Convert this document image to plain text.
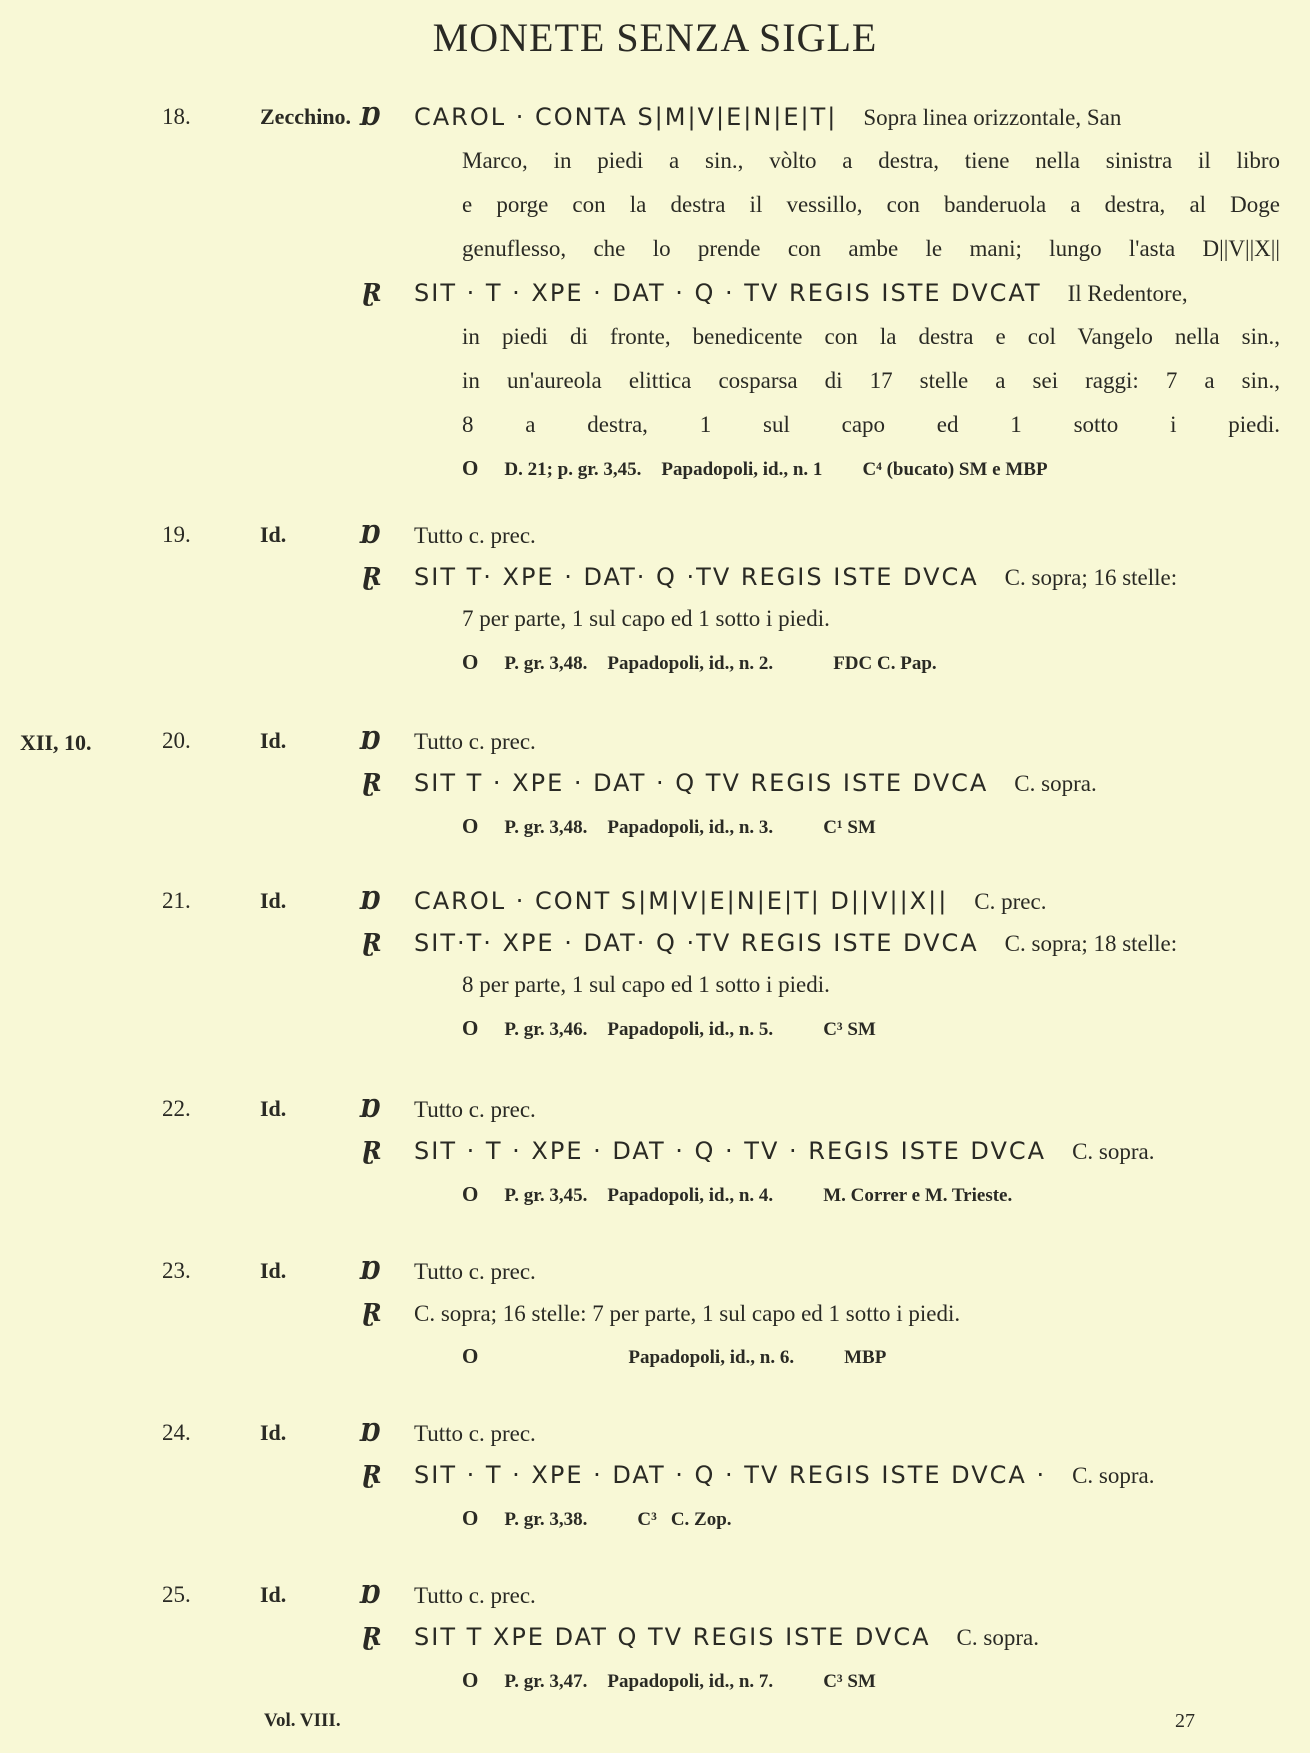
MONETE SENZA SIGLE
18.	Zecchino. Ɒ CAROL · CONTA S|M|V|E|N|E|T| Sopra linea orizzontale, San
Marco, in piedi a sin., vòlto a destra, tiene nella sinistra il libro
e porge con la destra il vessillo, con banderuola a destra, al Doge
genuflesso, che lo prende con ambe le mani; lungo l'asta D||V||X||
Ɽ SIT · T · XPE · DAT · Q · TV REGIS ISTE DVCAT Il Redentore,
in piedi di fronte, benedicente con la destra e col Vangelo nella sin.,
in un'aureola elittica cosparsa di 17 stelle a sei raggi: 7 a sin.,
8 a destra, 1 sul capo ed 1 sotto i piedi.
O D. 21; p. gr. 3,45. Papadopoli, id., n. 1 C⁴ (bucato) SM e MBP
19.	Id.	Ɒ Tutto c. prec.
Ɽ SIT T· XPE · DAT· Q ·TV REGIS ISTE DVCA C. sopra; 16 stelle:
7 per parte, 1 sul capo ed 1 sotto i piedi.
O P. gr. 3,48. Papadopoli, id., n. 2.	FDC C. Pap.
XII, 10.	20.	Id.	Ɒ Tutto c. prec.
Ɽ SIT T · XPE · DAT · Q TV REGIS ISTE DVCA C. sopra.
O P. gr. 3,48. Papadopoli, id., n. 3.	C¹ SM
21.	Id.	Ɒ CAROL · CONT S|M|V|E|N|E|T| D||V||X|| C. prec.
Ɽ SIT·T· XPE · DAT· Q ·TV REGIS ISTE DVCA C. sopra; 18 stelle:
8 per parte, 1 sul capo ed 1 sotto i piedi.
O P. gr. 3,46. Papadopoli, id., n. 5.	C³ SM
22.	Id.	Ɒ Tutto c. prec.
Ɽ SIT · T · XPE · DAT · Q · TV · REGIS ISTE DVCA C. sopra.
O P. gr. 3,45. Papadopoli, id., n. 4.	M. Correr e M. Trieste.
23.	Id.	Ɒ Tutto c. prec.
Ɽ C. sopra; 16 stelle: 7 per parte, 1 sul capo ed 1 sotto i piedi.
O	Papadopoli, id., n. 6.	MBP
24.	Id.	Ɒ Tutto c. prec.
Ɽ SIT · T · XPE · DAT · Q · TV REGIS ISTE DVCA · C. sopra.
O P. gr. 3,38.	C³ C. Zop.
25.	Id.	Ɒ Tutto c. prec.
Ɽ SIT T XPE DAT Q TV REGIS ISTE DVCA C. sopra.
O P. gr. 3,47. Papadopoli, id., n. 7.	C³ SM
Vol. VIII.	27
